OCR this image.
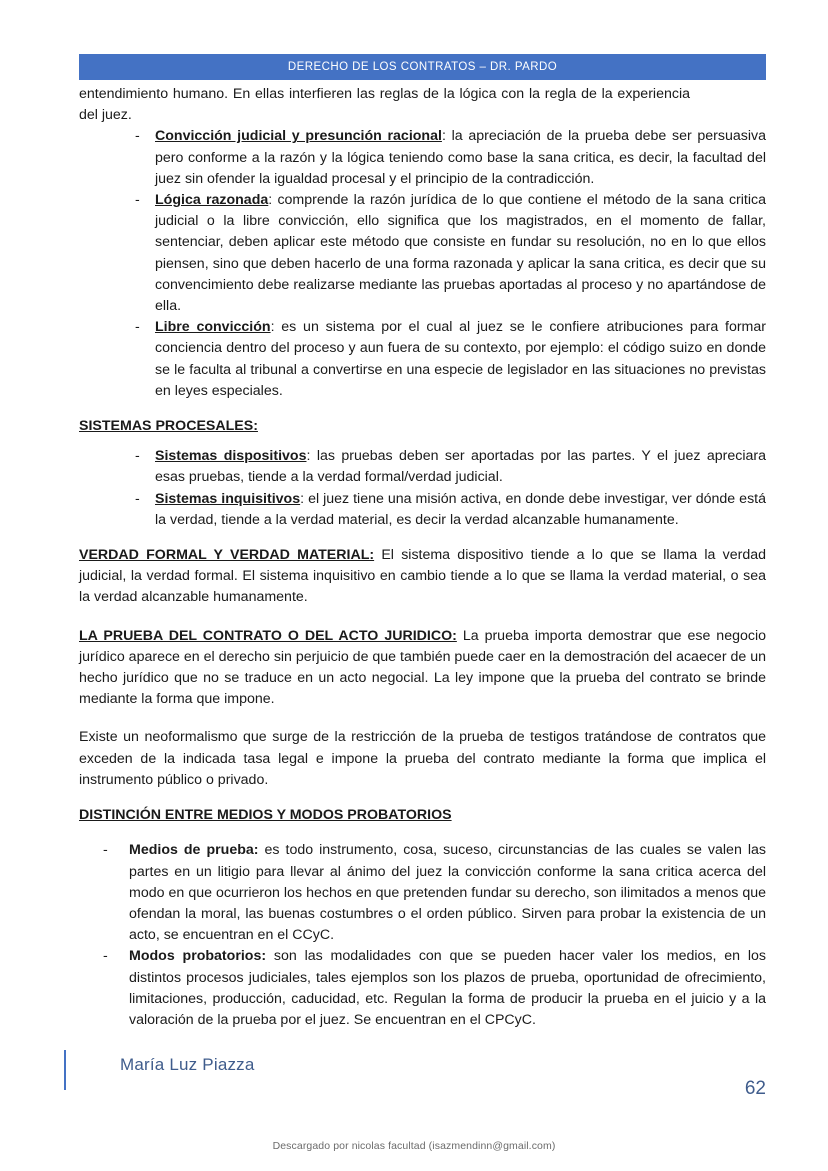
DERECHO DE LOS CONTRATOS – DR. PARDO

entendimiento humano. En ellas interfieren las reglas de la lógica con la regla de la experiencia del juez.

- Convicción judicial y presunción racional: la apreciación de la prueba debe ser persuasiva pero conforme a la razón y la lógica teniendo como base la sana critica, es decir, la facultad del juez sin ofender la igualdad procesal y el principio de la contradicción.
- Lógica razonada: comprende la razón jurídica de lo que contiene el método de la sana critica judicial o la libre convicción, ello significa que los magistrados, en el momento de fallar, sentenciar, deben aplicar este método que consiste en fundar su resolución, no en lo que ellos piensen, sino que deben hacerlo de una forma razonada y aplicar la sana critica, es decir que su convencimiento debe realizarse mediante las pruebas aportadas al proceso y no apartándose de ella.
- Libre convicción: es un sistema por el cual al juez se le confiere atribuciones para formar conciencia dentro del proceso y aun fuera de su contexto, por ejemplo: el código suizo en donde se le faculta al tribunal a convertirse en una especie de legislador en las situaciones no previstas en leyes especiales.
SISTEMAS PROCESALES:
- Sistemas dispositivos: las pruebas deben ser aportadas por las partes. Y el juez apreciara esas pruebas, tiende a la verdad formal/verdad judicial.
- Sistemas inquisitivos: el juez tiene una misión activa, en donde debe investigar, ver dónde está la verdad, tiende a la verdad material, es decir la verdad alcanzable humanamente.

VERDAD FORMAL Y VERDAD MATERIAL: El sistema dispositivo tiende a lo que se llama la verdad judicial, la verdad formal. El sistema inquisitivo en cambio tiende a lo que se llama la verdad material, o sea la verdad alcanzable humanamente.

LA PRUEBA DEL CONTRATO O DEL ACTO JURIDICO: La prueba importa demostrar que ese negocio jurídico aparece en el derecho sin perjuicio de que también puede caer en la demostración del acaecer de un hecho jurídico que no se traduce en un acto negocial. La ley impone que la prueba del contrato se brinde mediante la forma que impone.

Existe un neoformalismo que surge de la restricción de la prueba de testigos tratándose de contratos que exceden de la indicada tasa legal e impone la prueba del contrato mediante la forma que implica el instrumento público o privado.

DISTINCIÓN ENTRE MEDIOS Y MODOS PROBATORIOS
- Medios de prueba: es todo instrumento, cosa, suceso, circunstancias de las cuales se valen las partes en un litigio para llevar al ánimo del juez la convicción conforme la sana critica acerca del modo en que ocurrieron los hechos en que pretenden fundar su derecho, son ilimitados a menos que ofendan la moral, las buenas costumbres o el orden público. Sirven para probar la existencia de un acto, se encuentran en el CCyC.
- Modos probatorios: son las modalidades con que se pueden hacer valer los medios, en los distintos procesos judiciales, tales ejemplos son los plazos de prueba, oportunidad de ofrecimiento, limitaciones, producción, caducidad, etc. Regulan la forma de producir la prueba en el juicio y a la valoración de la prueba por el juez. Se encuentran en el CPCyC.
María Luz Piazza
62
Descargado por nicolas facultad (isazmendinn@gmail.com)
